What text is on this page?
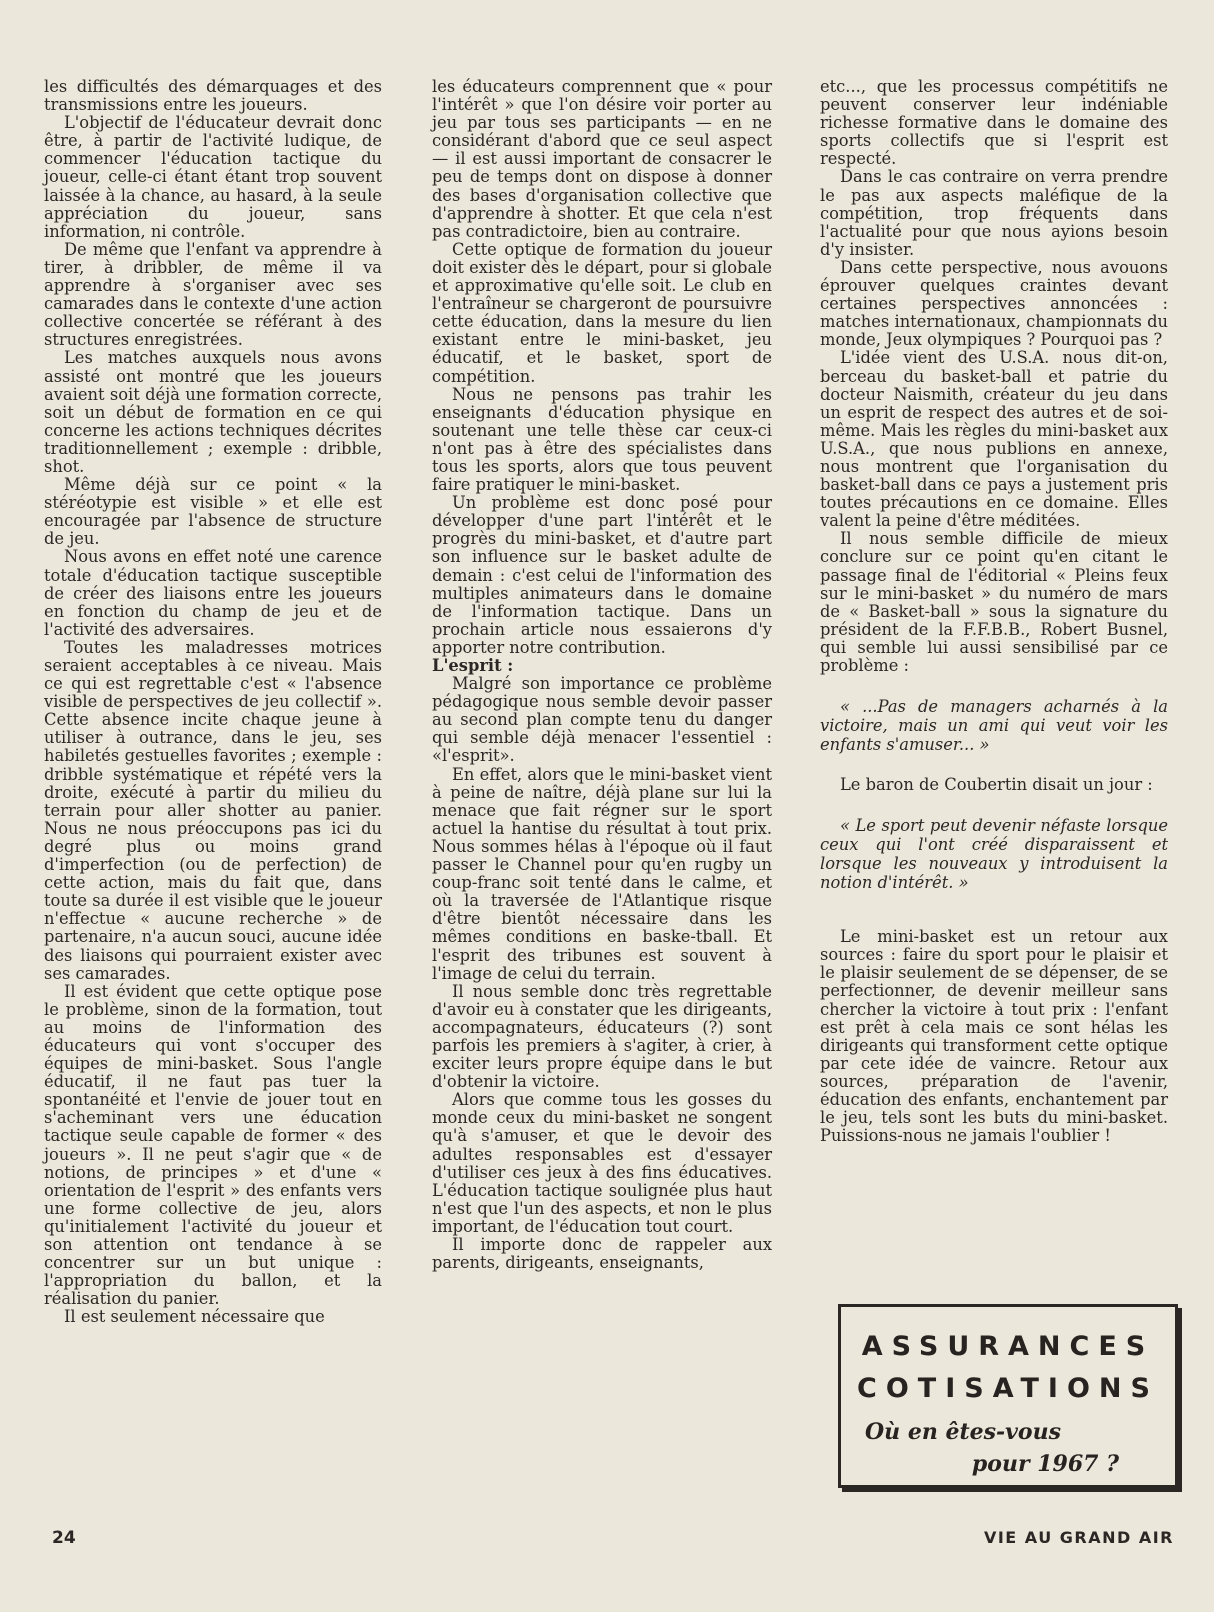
les difficultés des démarquages et des transmissions entre les joueurs.

L'objectif de l'éducateur devrait donc être, à partir de l'activité ludique, de commencer l'éducation tactique du joueur, celle-ci étant étant trop souvent laissée à la chance, au hasard, à la seule appréciation du joueur, sans information, ni contrôle.

De même que l'enfant va apprendre à tirer, à dribbler, de même il va apprendre à s'organiser avec ses camarades dans le contexte d'une action collective concertée se référant à des structures enregistrées.

Les matches auxquels nous avons assisté ont montré que les joueurs avaient soit déjà une formation correcte, soit un début de formation en ce qui concerne les actions techniques décrites traditionnellement ; exemple : dribble, shot.

Même déjà sur ce point « la stéréotypie est visible » et elle est encouragée par l'absence de structure de jeu.

Nous avons en effet noté une carence totale d'éducation tactique susceptible de créer des liaisons entre les joueurs en fonction du champ de jeu et de l'activité des adversaires.

Toutes les maladresses motrices seraient acceptables à ce niveau. Mais ce qui est regrettable c'est « l'absence visible de perspectives de jeu collectif ». Cette absence incite chaque jeune à utiliser à outrance, dans le jeu, ses habiletés gestuelles favorites ; exemple : dribble systématique et répété vers la droite, exécuté à partir du milieu du terrain pour aller shotter au panier. Nous ne nous préoccupons pas ici du degré plus ou moins grand d'imperfection (ou de perfection) de cette action, mais du fait que, dans toute sa durée il est visible que le joueur n'effectue « aucune recherche » de partenaire, n'a aucun souci, aucune idée des liaisons qui pourraient exister avec ses camarades.

Il est évident que cette optique pose le problème, sinon de la formation, tout au moins de l'information des éducateurs qui vont s'occuper des équipes de mini-basket. Sous l'angle éducatif, il ne faut pas tuer la spontanéité et l'envie de jouer tout en s'acheminant vers une éducation tactique seule capable de former « des joueurs ». Il ne peut s'agir que « de notions, de principes » et d'une « orientation de l'esprit » des enfants vers une forme collective de jeu, alors qu'initialement l'activité du joueur et son attention ont tendance à se concentrer sur un but unique : l'appropriation du ballon, et la réalisation du panier.

Il est seulement nécessaire que

les éducateurs comprennent que « pour l'intérêt » que l'on désire voir porter au jeu par tous ses participants — en ne considérant d'abord que ce seul aspect — il est aussi important de consacrer le peu de temps dont on dispose à donner des bases d'organisation collective que d'apprendre à shotter. Et que cela n'est pas contradictoire, bien au contraire.

Cette optique de formation du joueur doit exister dès le départ, pour si globale et approximative qu'elle soit. Le club en l'entraîneur se chargeront de poursuivre cette éducation, dans la mesure du lien existant entre le mini-basket, jeu éducatif, et le basket, sport de compétition.

Nous ne pensons pas trahir les enseignants d'éducation physique en soutenant une telle thèse car ceux-ci n'ont pas à être des spécialistes dans tous les sports, alors que tous peuvent faire pratiquer le mini-basket.

Un problème est donc posé pour développer d'une part l'intérêt et le progrès du mini-basket, et d'autre part son influence sur le basket adulte de demain : c'est celui de l'information des multiples animateurs dans le domaine de l'information tactique. Dans un prochain article nous essaierons d'y apporter notre contribution.

L'esprit :

Malgré son importance ce problème pédagogique nous semble devoir passer au second plan compte tenu du danger qui semble déjà menacer l'essentiel : «l'esprit».

En effet, alors que le mini-basket vient à peine de naître, déjà plane sur lui la menace que fait régner sur le sport actuel la hantise du résultat à tout prix. Nous sommes hélas à l'époque où il faut passer le Channel pour qu'en rugby un coup-franc soit tenté dans le calme, et où la traversée de l'Atlantique risque d'être bientôt nécessaire dans les mêmes conditions en baske-tball. Et l'esprit des tribunes est souvent à l'image de celui du terrain.

Il nous semble donc très regrettable d'avoir eu à constater que les dirigeants, accompagnateurs, éducateurs (?) sont parfois les premiers à s'agiter, à crier, à exciter leurs propre équipe dans le but d'obtenir la victoire.

Alors que comme tous les gosses du monde ceux du mini-basket ne songent qu'à s'amuser, et que le devoir des adultes responsables est d'essayer d'utiliser ces jeux à des fins éducatives. L'éducation tactique soulignée plus haut n'est que l'un des aspects, et non le plus important, de l'éducation tout court.

Il importe donc de rappeler aux parents, dirigeants, enseignants,

etc..., que les processus compétitifs ne peuvent conserver leur indéniable richesse formative dans le domaine des sports collectifs que si l'esprit est respecté.

Dans le cas contraire on verra prendre le pas aux aspects maléfique de la compétition, trop fréquents dans l'actualité pour que nous ayions besoin d'y insister.

Dans cette perspective, nous avouons éprouver quelques craintes devant certaines perspectives annoncées : matches internationaux, championnats du monde, Jeux olympiques ? Pourquoi pas ?

L'idée vient des U.S.A. nous dit-on, berceau du basket-ball et patrie du docteur Naismith, créateur du jeu dans un esprit de respect des autres et de soi-même. Mais les règles du mini-basket aux U.S.A., que nous publions en annexe, nous montrent que l'organisation du basket-ball dans ce pays a justement pris toutes précautions en ce domaine. Elles valent la peine d'être méditées.

Il nous semble difficile de mieux conclure sur ce point qu'en citant le passage final de l'éditorial « Pleins feux sur le mini-basket » du numéro de mars de « Basket-ball » sous la signature du président de la F.F.B.B., Robert Busnel, qui semble lui aussi sensibilisé par ce problème :

« ...Pas de managers acharnés à la victoire, mais un ami qui veut voir les enfants s'amuser... »

Le baron de Coubertin disait un jour :

« Le sport peut devenir néfaste lorsque ceux qui l'ont créé disparaissent et lorsque les nouveaux y introduisent la notion d'intérêt. »

Le mini-basket est un retour aux sources : faire du sport pour le plaisir et le plaisir seulement de se dépenser, de se perfectionner, de devenir meilleur sans chercher la victoire à tout prix : l'enfant est prêt à cela mais ce sont hélas les dirigeants qui transforment cette optique par cete idée de vaincre. Retour aux sources, préparation de l'avenir, éducation des enfants, enchantement par le jeu, tels sont les buts du mini-basket. Puissions-nous ne jamais l'oublier !

ASSURANCES
COTISATIONS
Où en êtes-vous
pour 1967 ?
24	VIE AU GRAND AIR
